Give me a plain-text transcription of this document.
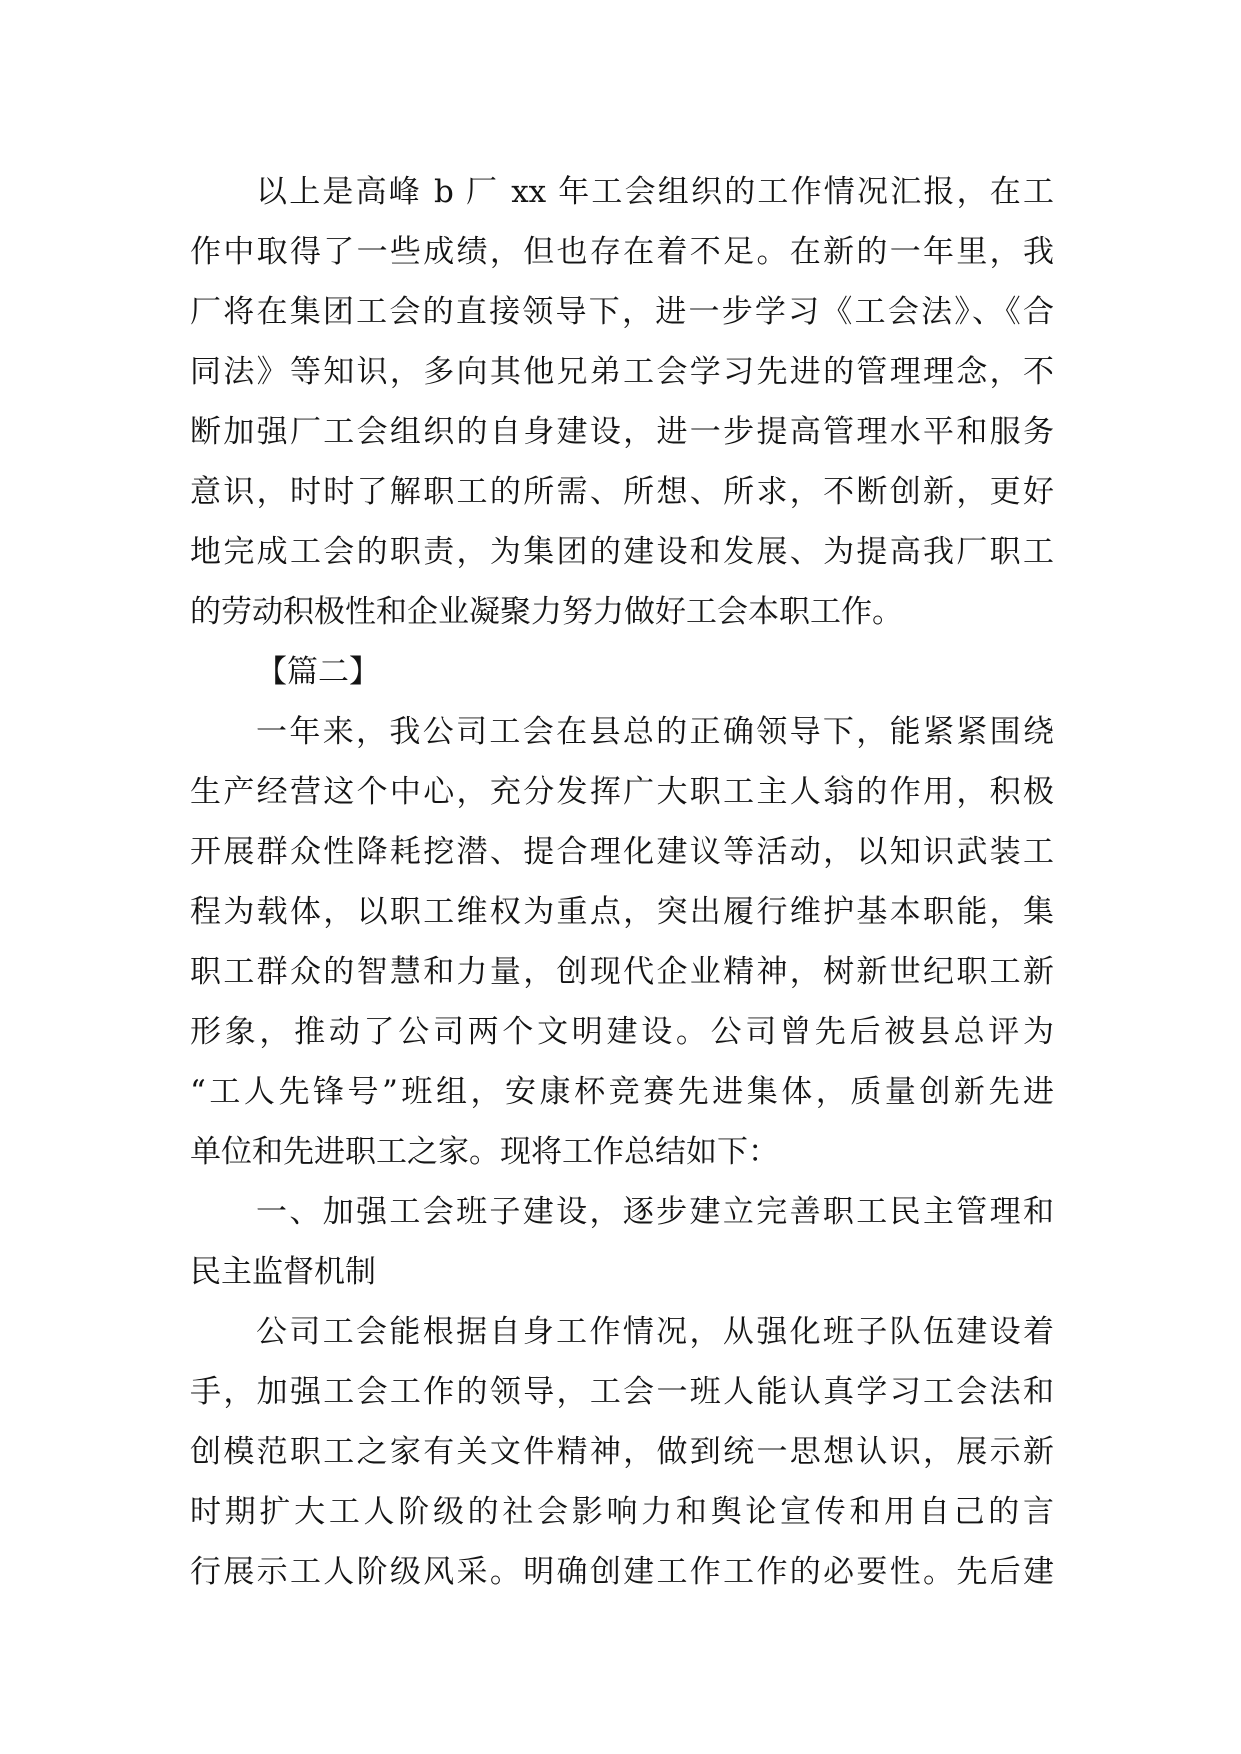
以上是高峰 b 厂 xx 年工会组织的工作情况汇报，在工
作中取得了一些成绩，但也存在着不足。在新的一年里，我
厂将在集团工会的直接领导下，进一步学习《工会法》、《合
同法》等知识，多向其他兄弟工会学习先进的管理理念，不
断加强厂工会组织的自身建设，进一步提高管理水平和服务
意识，时时了解职工的所需、所想、所求，不断创新，更好
地完成工会的职责，为集团的建设和发展、为提高我厂职工
的劳动积极性和企业凝聚力努力做好工会本职工作。
【篇二】
一年来，我公司工会在县总的正确领导下，能紧紧围绕
生产经营这个中心，充分发挥广大职工主人翁的作用，积极
开展群众性降耗挖潜、提合理化建议等活动，以知识武装工
程为载体，以职工维权为重点，突出履行维护基本职能，集
职工群众的智慧和力量，创现代企业精神，树新世纪职工新
形象，推动了公司两个文明建设。公司曾先后被县总评为
“工人先锋号”班组，安康杯竞赛先进集体，质量创新先进
单位和先进职工之家。现将工作总结如下：
一、加强工会班子建设，逐步建立完善职工民主管理和
民主监督机制
公司工会能根据自身工作情况，从强化班子队伍建设着
手，加强工会工作的领导，工会一班人能认真学习工会法和
创模范职工之家有关文件精神，做到统一思想认识，展示新
时期扩大工人阶级的社会影响力和舆论宣传和用自己的言
行展示工人阶级风采。明确创建工作工作的必要性。先后建
